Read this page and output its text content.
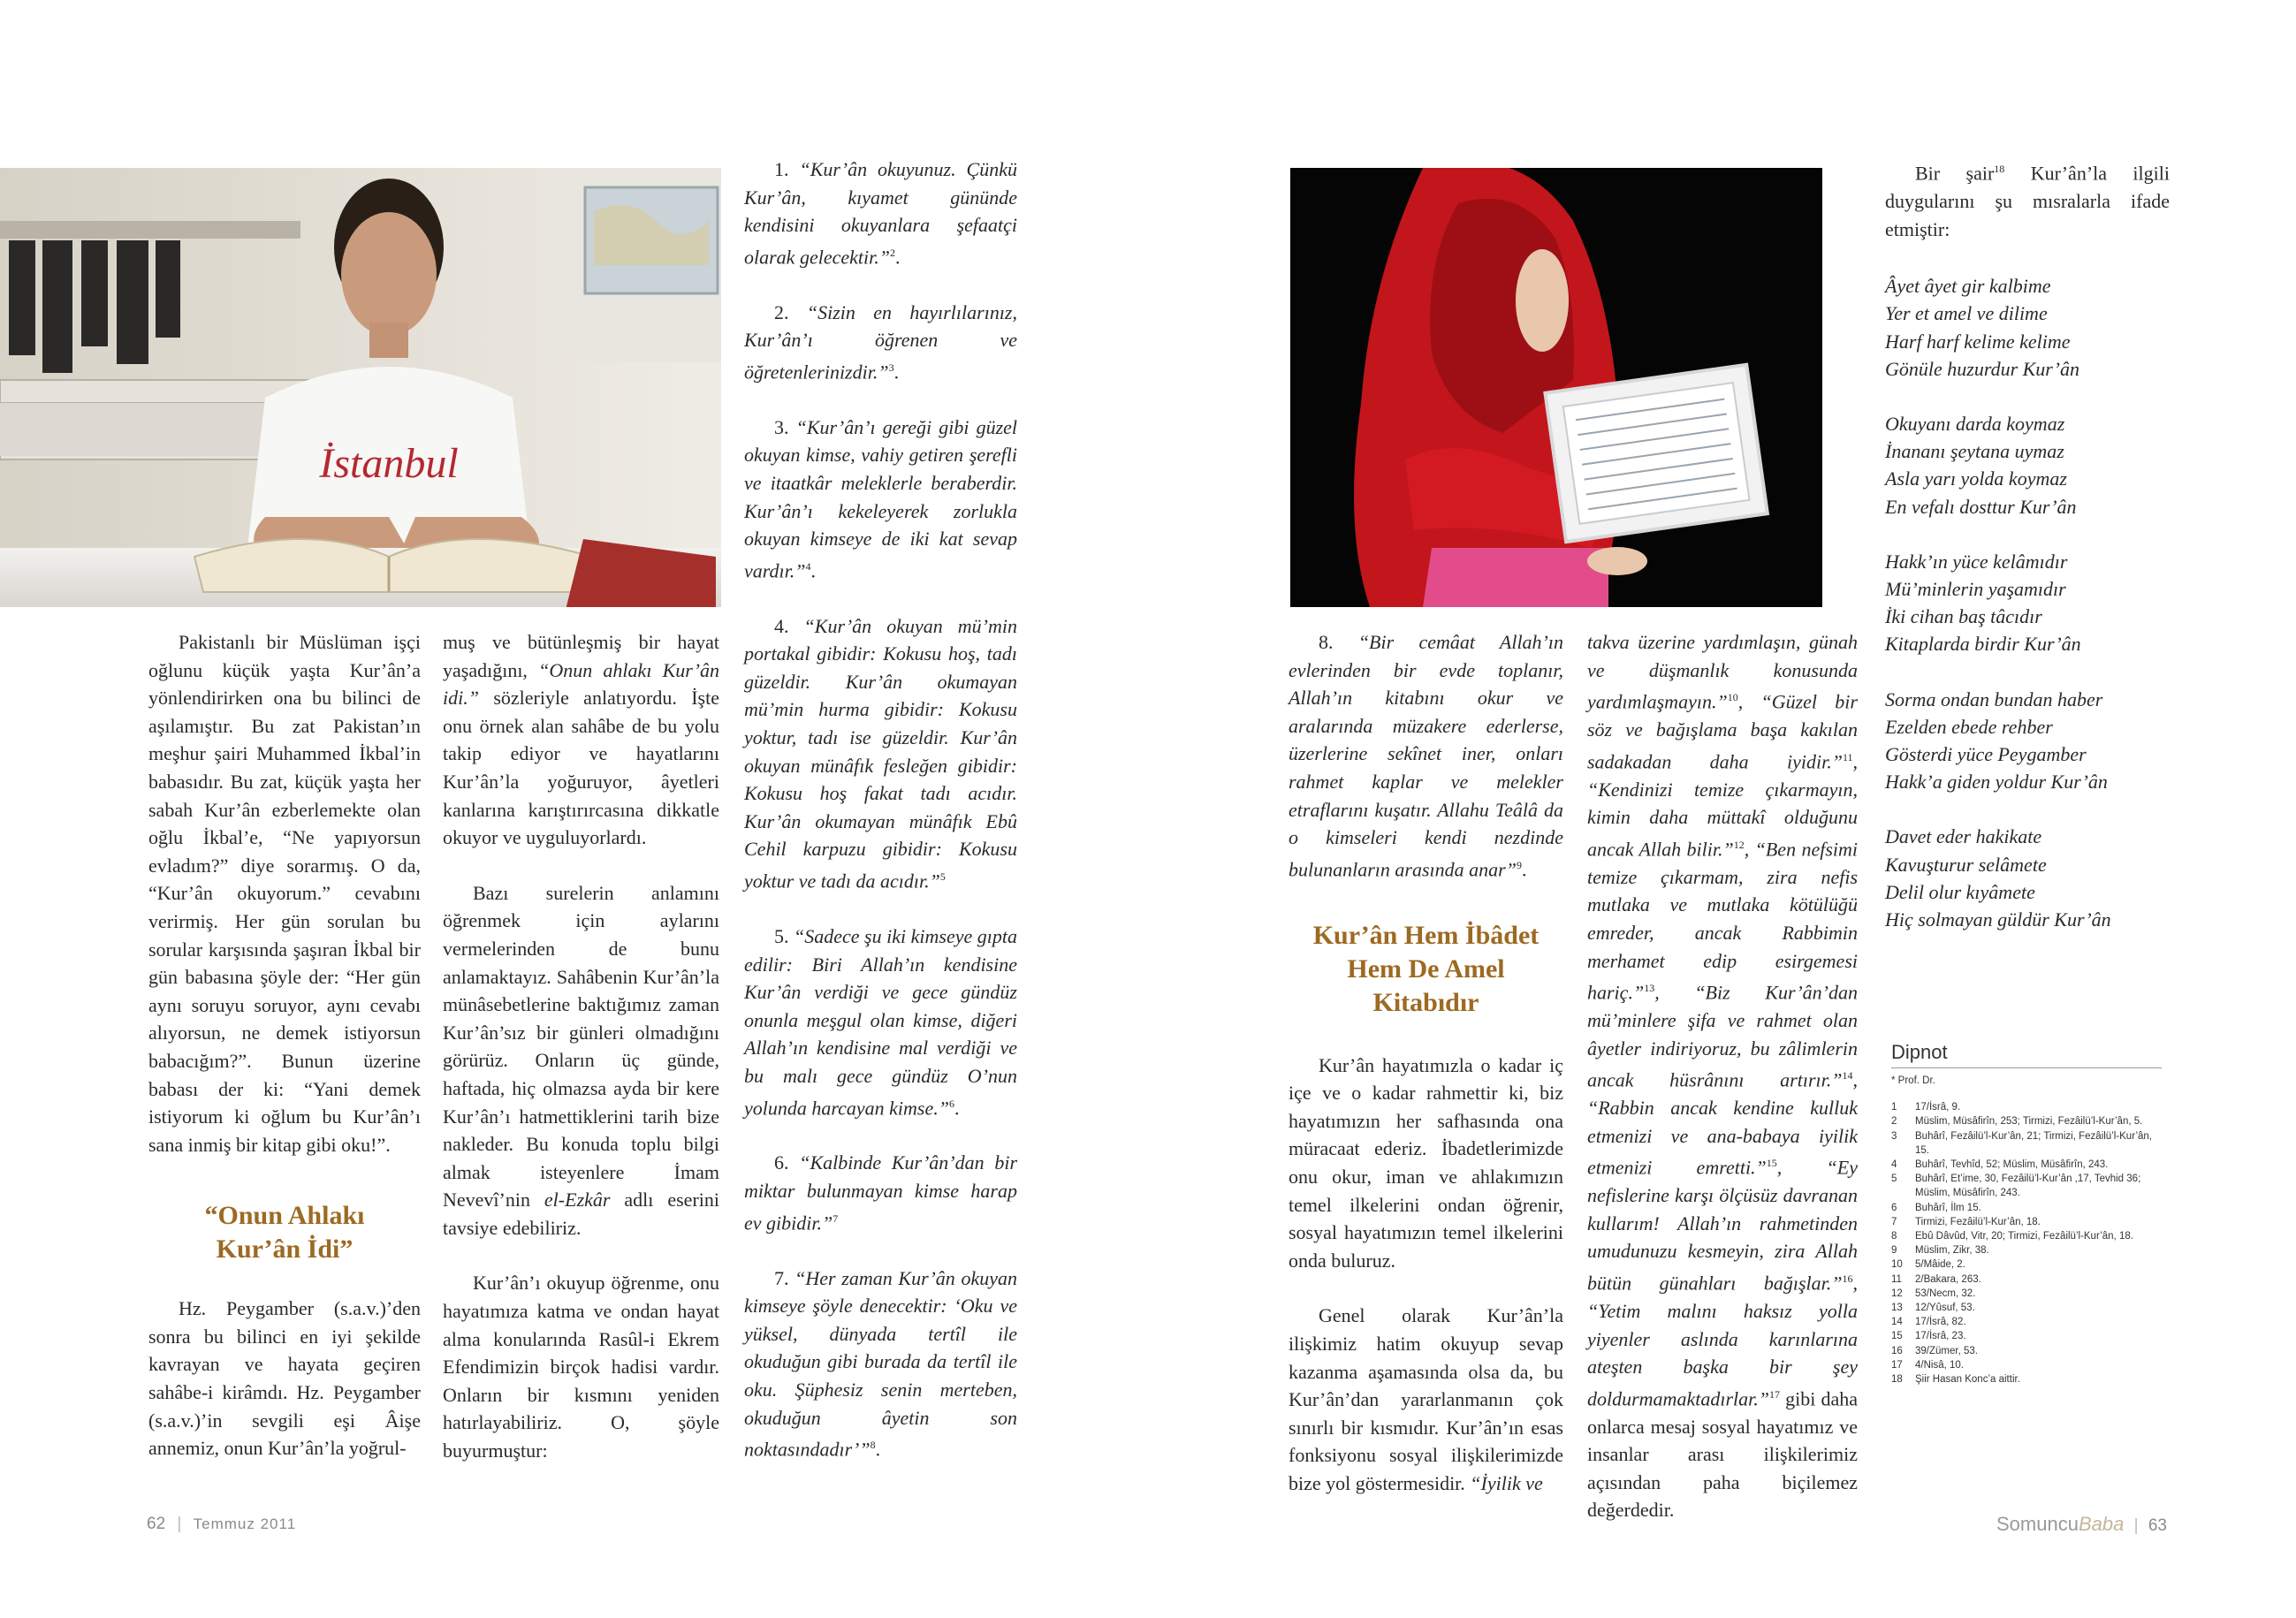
İstanbul

Pakistanlı bir Müslüman işçi oğlunu küçük yaşta Kur’ân’a yönlendirirken ona bu bilinci de aşılamıştır. Bu zat Pakistan’ın meşhur şairi Muhammed İkbal’in babasıdır. Bu zat, küçük yaşta her sabah Kur’ân ezberlemekte olan oğlu İkbal’e, “Ne yapıyorsun evladım?” diye sorarmış. O da, “Kur’ân okuyorum.” cevabını verirmiş. Her gün sorulan bu sorular karşısında şaşıran İkbal bir gün babasına şöyle der: “Her gün aynı soruyu soruyor, aynı cevabı alıyorsun, ne demek istiyorsun babacığım?”. Bunun üzerine babası der ki: “Yani demek istiyorum ki oğlum bu Kur’ân’ı sana inmiş bir kitap gibi oku!”.

“Onun Ahlakı
Kur’ân İdi”

Hz. Peygamber (s.a.v.)’den sonra bu bilinci en iyi şekilde kavrayan ve hayata geçiren sahâbe-i kirâmdı. Hz. Peygamber (s.a.v.)’in sevgili eşi Âişe annemiz, onun Kur’ân’la yoğrul-

muş ve bütünleşmiş bir hayat yaşadığını, “Onun ahlakı Kur’ân idi.” sözleriyle anlatıyordu. İşte onu örnek alan sahâbe de bu yolu takip ediyor ve hayatlarını Kur’ân’la yoğuruyor, âyetleri kanlarına karıştırırcasına dikkatle okuyor ve uyguluyorlardı.

Bazı surelerin anlamını öğrenmek için aylarını vermelerinden de bunu anlamaktayız. Sahâbenin Kur’ân’la münâsebetlerine baktığımız zaman Kur’ân’sız bir günleri olmadığını görürüz. Onların üç günde, haftada, hiç olmazsa ayda bir kere Kur’ân’ı hatmettiklerini tarih bize nakleder. Bu konuda toplu bilgi almak isteyenlere İmam Nevevî’nin el-Ezkâr adlı eserini tavsiye edebiliriz.

Kur’ân’ı okuyup öğrenme, onu hayatımıza katma ve ondan hayat alma konularında Rasûl-i Ekrem Efendimizin birçok hadisi vardır. Onların bir kısmını yeniden hatırlayabiliriz. O, şöyle buyurmuştur:

1. “Kur’ân okuyunuz. Çünkü Kur’ân, kıyamet gününde kendisini okuyanlara şefaatçi olarak gelecektir.”$^2$.

2. “Sizin en hayırlılarınız, Kur’ân’ı öğrenen ve öğretenlerinizdir.”$^3$.

3. “Kur’ân’ı gereği gibi güzel okuyan kimse, vahiy getiren şerefli ve itaatkâr meleklerle beraberdir. Kur’ân’ı kekeleyerek zorlukla okuyan kimseye de iki kat sevap vardır.”$^4$.

4. “Kur’ân okuyan mü’min portakal gibidir: Kokusu hoş, tadı güzeldir. Kur’ân okumayan mü’min hurma gibidir: Kokusu yoktur, tadı ise güzeldir. Kur’ân okuyan münâfık fesleğen gibidir: Kokusu hoş fakat tadı acıdır. Kur’ân okumayan münâfık Ebû Cehil karpuzu gibidir: Kokusu yoktur ve tadı da acıdır.”$^5$

5. “Sadece şu iki kimseye gıpta edilir: Biri Allah’ın kendisine Kur’ân verdiği ve gece gündüz onunla meşgul olan kimse, diğeri Allah’ın kendisine mal verdiği ve bu malı gece gündüz O’nun yolunda harcayan kimse.”$^6$.

6. “Kalbinde Kur’ân’dan bir miktar bulunmayan kimse harap ev gibidir.”$^7$

7. “Her zaman Kur’ân okuyan kimseye şöyle denecektir: ‘Oku ve yüksel, dünyada tertîl ile okuduğun gibi burada da tertîl ile oku. Şüphesiz senin merteben, okuduğun âyetin son noktasındadır’”$^8$.

62 | Temmuz 2011

8. “Bir cemâat Allah’ın evlerinden bir evde toplanır, Allah’ın kitabını okur ve aralarında müzakere ederlerse, üzerlerine sekînet iner, onları rahmet kaplar ve melekler etraflarını kuşatır. Allahu Teâlâ da o kimseleri kendi nezdinde bulunanların arasında anar”$^9$.

Kur’ân Hem İbâdet
Hem De Amel
Kitabıdır

Kur’ân hayatımızla o kadar iç içe ve o kadar rahmettir ki, biz hayatımızın her safhasında ona müracaat ederiz. İbadetlerimizde onu okur, iman ve ahlakımızın temel ilkelerini ondan öğrenir, sosyal hayatımızın temel ilkelerini onda buluruz.

Genel olarak Kur’ân’la ilişkimiz hatim okuyup sevap kazanma aşamasında olsa da, bu Kur’ân’dan yararlanmanın çok sınırlı bir kısmıdır. Kur’ân’ın esas fonksiyonu sosyal ilişkilerimizde bize yol göstermesidir. “İyilik ve

takva üzerine yardımlaşın, günah ve düşmanlık konusunda yardımlaşmayın.”$^{10}$, “Güzel bir söz ve bağışlama başa kakılan sadakadan daha iyidir.”$^{11}$, “Kendinizi temize çıkarmayın, kimin daha müttakî olduğunu ancak Allah bilir.”$^{12}$, “Ben nefsimi temize çıkarmam, zira nefis mutlaka ve mutlaka kötülüğü emreder, ancak Rabbimin merhamet edip esirgemesi hariç.”$^{13}$, “Biz Kur’ân’dan mü’minlere şifa ve rahmet olan âyetler indiriyoruz, bu zâlimlerin ancak hüsrânını artırır.”$^{14}$, “Rabbin ancak kendine kulluk etmenizi ve ana-babaya iyilik etmenizi emretti.”$^{15}$, “Ey nefislerine karşı ölçüsüz davranan kullarım! Allah’ın rahmetinden umudunuzu kesmeyin, zira Allah bütün günahları bağışlar.”$^{16}$, “Yetim malını haksız yolla yiyenler aslında karınlarına ateşten başka bir şey doldurmamaktadırlar.”$^{17}$ gibi daha onlarca mesaj sosyal hayatımız ve insanlar arası ilişkilerimiz açısından paha biçilemez değerdedir.

Bir şair$^{18}$ Kur’ân’la ilgili duygularını şu mısralarla ifade etmiştir:

Âyet âyet gir kalbime
Yer et amel ve dilime
Harf harf kelime kelime
Gönüle huzurdur Kur’ân
Okuyanı darda koymaz
İnananı şeytana uymaz
Asla yarı yolda koymaz
En vefalı dosttur Kur’ân
Hakk’ın yüce kelâmıdır
Mü’minlerin yaşamıdır
İki cihan baş tâcıdır
Kitaplarda birdir Kur’ân
Sorma ondan bundan haber
Ezelden ebede rehber
Gösterdi yüce Peygamber
Hakk’a giden yoldur Kur’ân
Davet eder hakikate
Kavuşturur selâmete
Delil olur kıyâmete
Hiç solmayan güldür Kur’ân
Dipnot
* Prof. Dr.
1	17/İsrâ, 9.
2	Müslim, Müsâfirîn, 253; Tirmizi, Fezâilü’l-Kur’ân, 5.
3	Buhârî, Fezâilü’l-Kur’ân, 21; Tirmizi, Fezâilü’l-Kur’ân, 15.
4	Buhârî, Tevhîd, 52; Müslim, Müsâfirîn, 243.
5	Buhârî, Et’ime, 30, Fezâilü’l-Kur’ân ,17, Tevhid 36; Müslim, Müsâfirîn, 243.
6	Buhârî, İlm 15.
7	Tirmizi, Fezâilü’l-Kur’ân, 18.
8	Ebû Dâvûd, Vitr, 20; Tirmizi, Fezâilü’l-Kur’ân, 18.
9	Müslim, Zikr, 38.
10	5/Mâide, 2.
11	2/Bakara, 263.
12	53/Necm, 32.
13	12/Yûsuf, 53.
14	17/İsrâ, 82.
15	17/İsrâ, 23.
16	39/Zümer, 53.
17	4/Nisâ, 10.
18	Şiir Hasan Konc’a aittir.
SomuncuBaba | 63
